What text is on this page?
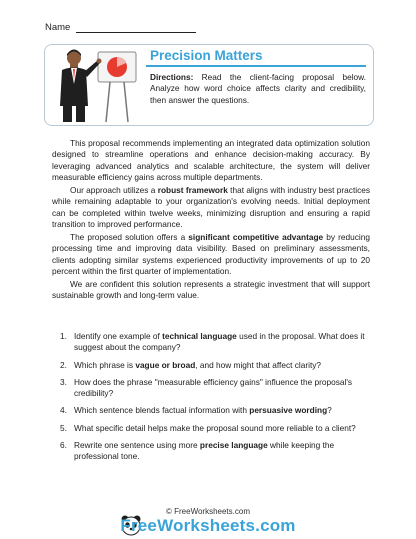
Name
Precision Matters
Directions: Read the client-facing proposal below. Analyze how word choice affects clarity and credibility, then answer the questions.

This proposal recommends implementing an integrated data optimization solution designed to streamline operations and enhance decision-making accuracy. By leveraging advanced analytics and scalable architecture, the system will deliver measurable efficiency gains across multiple departments.

Our approach utilizes a robust framework that aligns with industry best practices while remaining adaptable to your organization's evolving needs. Initial deployment can be completed within twelve weeks, minimizing disruption and ensuring a rapid transition to improved performance.

The proposed solution offers a significant competitive advantage by reducing processing time and improving data visibility. Based on preliminary assessments, clients adopting similar systems experienced productivity improvements of up to 20 percent within the first quarter of implementation.

We are confident this solution represents a strategic investment that will support sustainable growth and long-term value.

1. Identify one example of technical language used in the proposal. What does it suggest about the company?
2. Which phrase is vague or broad, and how might that affect clarity?
3. How does the phrase "measurable efficiency gains" influence the proposal's credibility?
4. Which sentence blends factual information with persuasive wording?
5. What specific detail helps make the proposal sound more reliable to a client?
6. Rewrite one sentence using more precise language while keeping the professional tone.
© FreeWorksheets.com
FreeWorksheets.com
